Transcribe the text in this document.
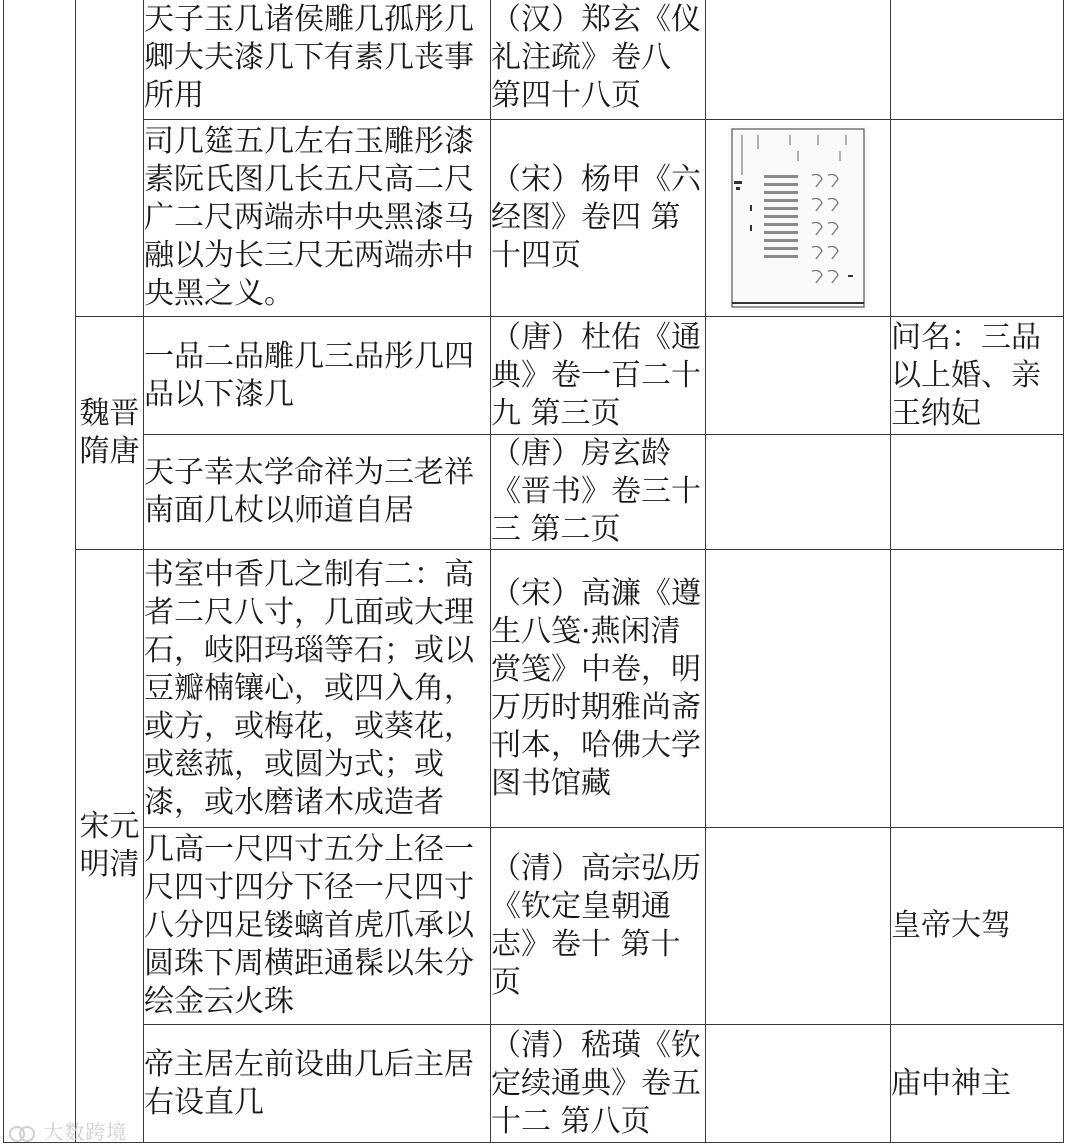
		天子玉几诸侯雕几孤彤几卿大夫漆几下有素几丧事所用	（汉）郑玄《仪礼注疏》卷八 第四十八页		

		司几筵五几左右玉雕彤漆素阮氏图几长五尺高二尺广二尺两端赤中央黑漆马融以为长三尺无两端赤中央黑之义。	（宋）杨甲《六经图》卷四 第十四页

	魏晋隋唐	一品二品雕几三品彤几四品以下漆几	（唐）杜佑《通典》卷一百二十九 第三页		问名：三品以上婚、亲王纳妃

		天子幸太学命祥为三老祥南面几杖以师道自居	（唐）房玄龄《晋书》卷三十三 第二页		

	宋元明清	书室中香几之制有二：高者二尺八寸，几面或大理石，岐阳玛瑙等石；或以豆瓣楠镶心，或四入角，或方，或梅花，或葵花，或慈菰，或圆为式；或漆，或水磨诸木成造者	（宋）高濂《遵生八笺·燕闲清赏笺》中卷，明万历时期雅尚斋刊本，哈佛大学图书馆藏		

		几高一尺四寸五分上径一尺四寸四分下径一尺四寸八分四足镂螭首虎爪承以圆珠下周横距通髹以朱分绘金云火珠	（清）高宗弘历《钦定皇朝通志》卷十 第十页		皇帝大驾

		帝主居左前设曲几后主居右设直几	（清）嵇璜《钦定续通典》卷五十二 第八页		庙中神主
大数跨境
